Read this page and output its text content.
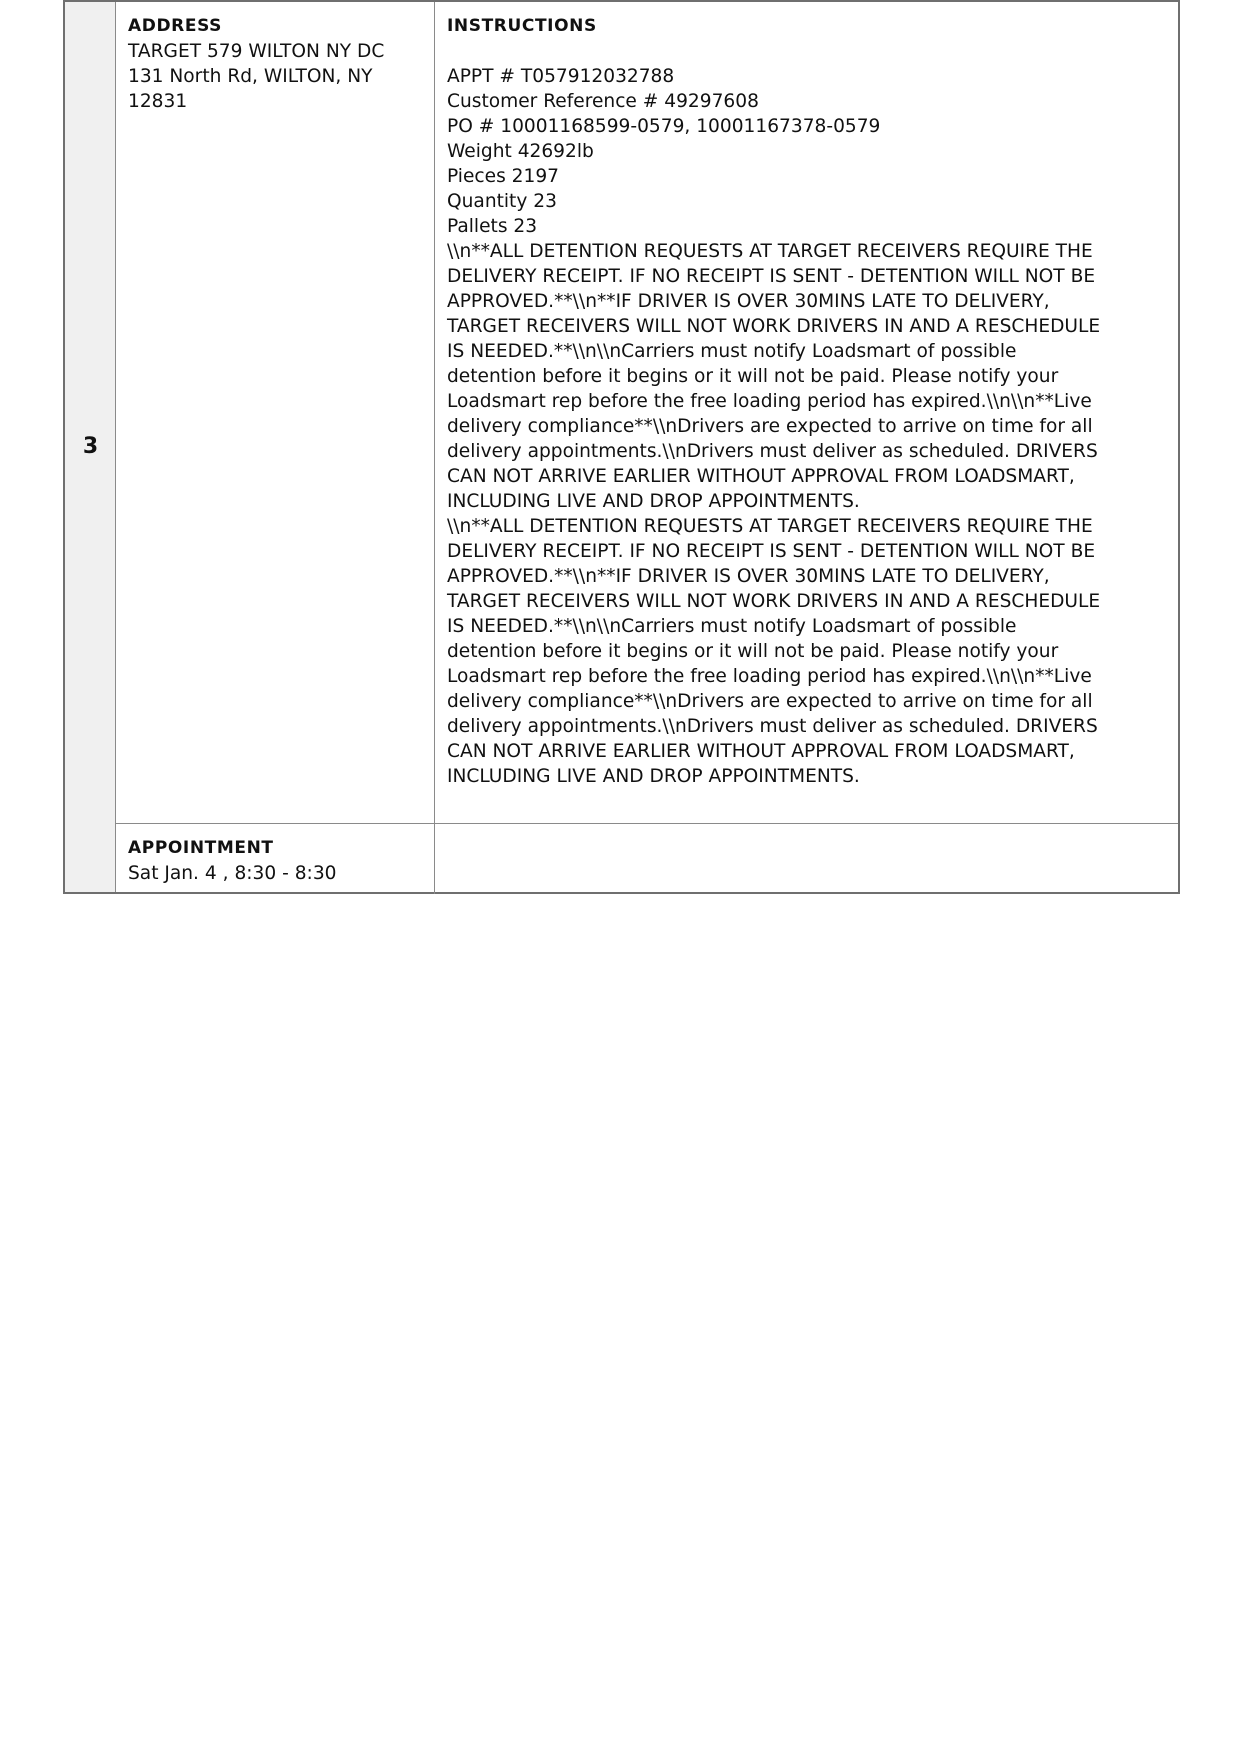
3
ADDRESS
TARGET 579 WILTON NY DC
131 North Rd, WILTON, NY
12831
INSTRUCTIONS
APPT # T057912032788
Customer Reference # 49297608
PO # 10001168599-0579, 10001167378-0579
Weight 42692lb
Pieces 2197
Quantity 23
Pallets 23
\\n**ALL DETENTION REQUESTS AT TARGET RECEIVERS REQUIRE THE
DELIVERY RECEIPT. IF NO RECEIPT IS SENT - DETENTION WILL NOT BE
APPROVED.**\\n**IF DRIVER IS OVER 30MINS LATE TO DELIVERY,
TARGET RECEIVERS WILL NOT WORK DRIVERS IN AND A RESCHEDULE
IS NEEDED.**\\n\\nCarriers must notify Loadsmart of possible
detention before it begins or it will not be paid. Please notify your
Loadsmart rep before the free loading period has expired.\\n\\n**Live
delivery compliance**\\nDrivers are expected to arrive on time for all
delivery appointments.\\nDrivers must deliver as scheduled. DRIVERS
CAN NOT ARRIVE EARLIER WITHOUT APPROVAL FROM LOADSMART,
INCLUDING LIVE AND DROP APPOINTMENTS.
\\n**ALL DETENTION REQUESTS AT TARGET RECEIVERS REQUIRE THE
DELIVERY RECEIPT. IF NO RECEIPT IS SENT - DETENTION WILL NOT BE
APPROVED.**\\n**IF DRIVER IS OVER 30MINS LATE TO DELIVERY,
TARGET RECEIVERS WILL NOT WORK DRIVERS IN AND A RESCHEDULE
IS NEEDED.**\\n\\nCarriers must notify Loadsmart of possible
detention before it begins or it will not be paid. Please notify your
Loadsmart rep before the free loading period has expired.\\n\\n**Live
delivery compliance**\\nDrivers are expected to arrive on time for all
delivery appointments.\\nDrivers must deliver as scheduled. DRIVERS
CAN NOT ARRIVE EARLIER WITHOUT APPROVAL FROM LOADSMART,
INCLUDING LIVE AND DROP APPOINTMENTS.
APPOINTMENT
Sat Jan. 4 , 8:30 - 8:30
